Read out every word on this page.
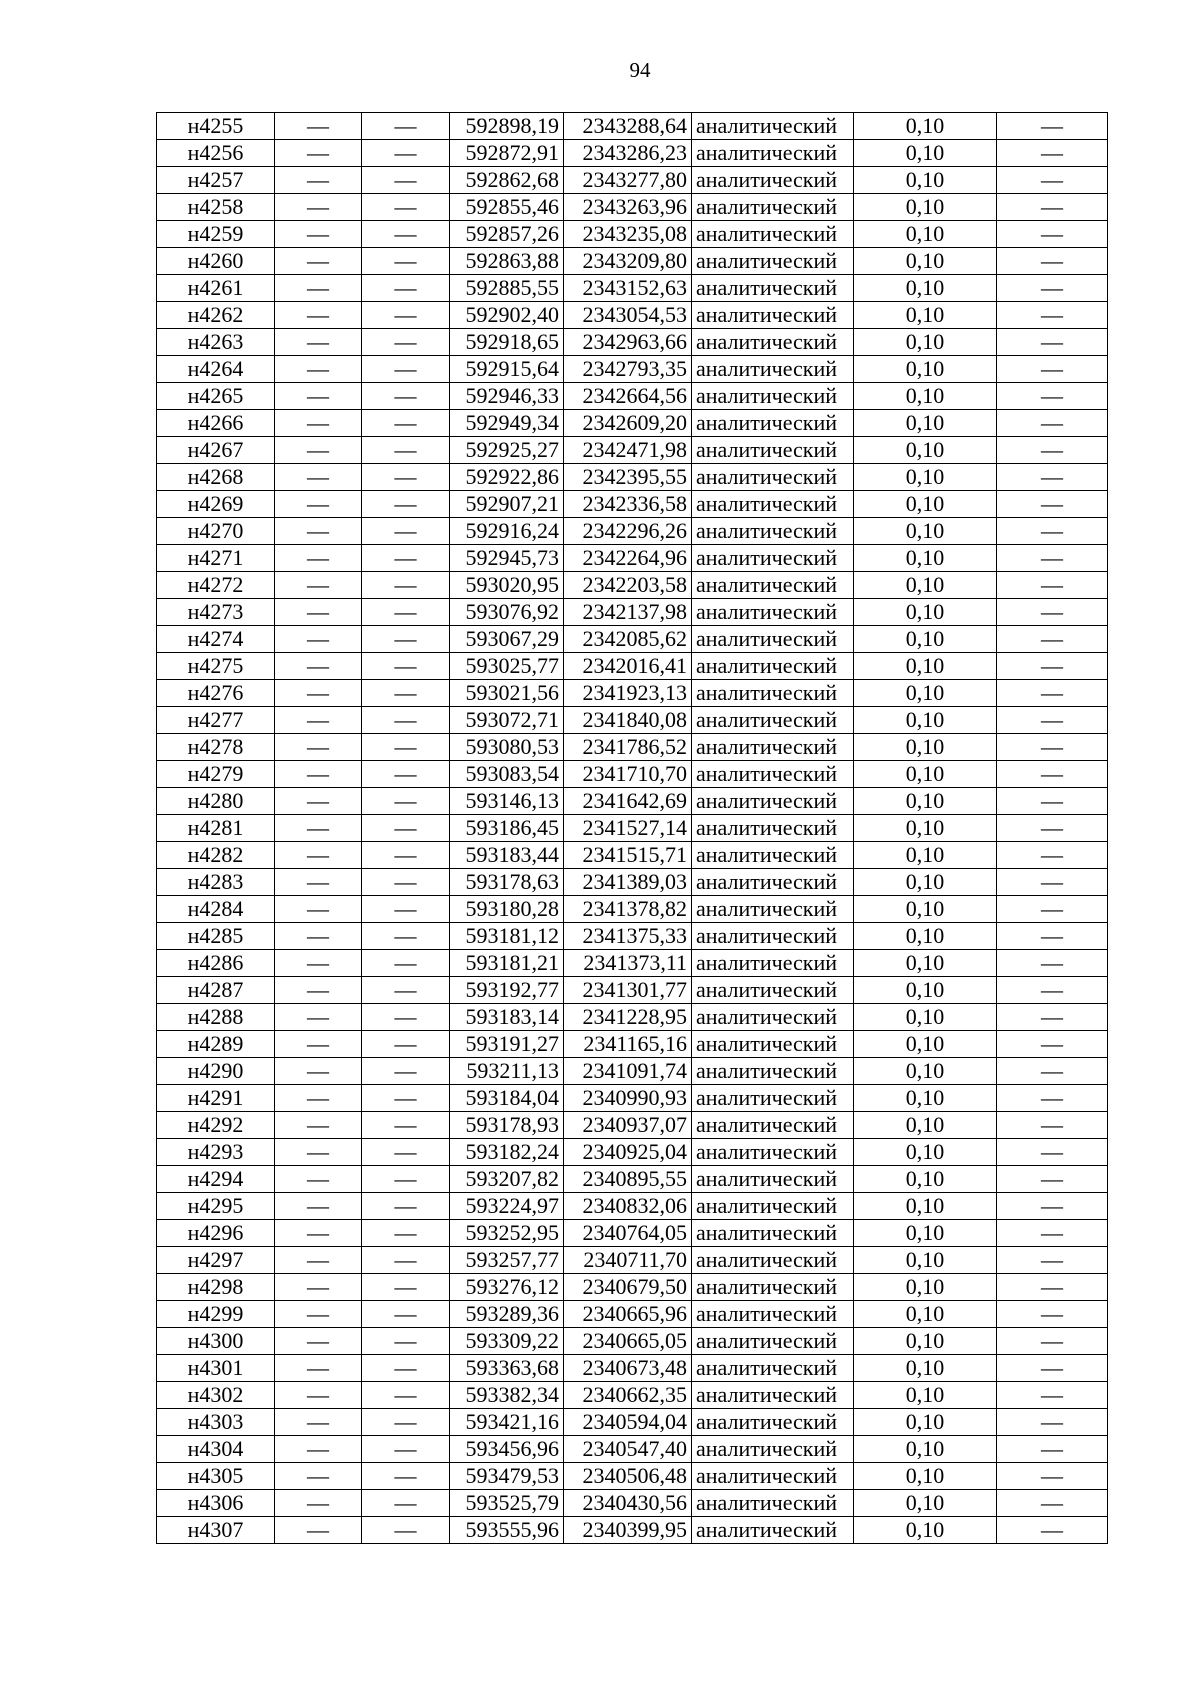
94
н4255	—	—	592898,19	2343288,64	аналитический	0,10	—
н4256	—	—	592872,91	2343286,23	аналитический	0,10	—
н4257	—	—	592862,68	2343277,80	аналитический	0,10	—
н4258	—	—	592855,46	2343263,96	аналитический	0,10	—
н4259	—	—	592857,26	2343235,08	аналитический	0,10	—
н4260	—	—	592863,88	2343209,80	аналитический	0,10	—
н4261	—	—	592885,55	2343152,63	аналитический	0,10	—
н4262	—	—	592902,40	2343054,53	аналитический	0,10	—
н4263	—	—	592918,65	2342963,66	аналитический	0,10	—
н4264	—	—	592915,64	2342793,35	аналитический	0,10	—
н4265	—	—	592946,33	2342664,56	аналитический	0,10	—
н4266	—	—	592949,34	2342609,20	аналитический	0,10	—
н4267	—	—	592925,27	2342471,98	аналитический	0,10	—
н4268	—	—	592922,86	2342395,55	аналитический	0,10	—
н4269	—	—	592907,21	2342336,58	аналитический	0,10	—
н4270	—	—	592916,24	2342296,26	аналитический	0,10	—
н4271	—	—	592945,73	2342264,96	аналитический	0,10	—
н4272	—	—	593020,95	2342203,58	аналитический	0,10	—
н4273	—	—	593076,92	2342137,98	аналитический	0,10	—
н4274	—	—	593067,29	2342085,62	аналитический	0,10	—
н4275	—	—	593025,77	2342016,41	аналитический	0,10	—
н4276	—	—	593021,56	2341923,13	аналитический	0,10	—
н4277	—	—	593072,71	2341840,08	аналитический	0,10	—
н4278	—	—	593080,53	2341786,52	аналитический	0,10	—
н4279	—	—	593083,54	2341710,70	аналитический	0,10	—
н4280	—	—	593146,13	2341642,69	аналитический	0,10	—
н4281	—	—	593186,45	2341527,14	аналитический	0,10	—
н4282	—	—	593183,44	2341515,71	аналитический	0,10	—
н4283	—	—	593178,63	2341389,03	аналитический	0,10	—
н4284	—	—	593180,28	2341378,82	аналитический	0,10	—
н4285	—	—	593181,12	2341375,33	аналитический	0,10	—
н4286	—	—	593181,21	2341373,11	аналитический	0,10	—
н4287	—	—	593192,77	2341301,77	аналитический	0,10	—
н4288	—	—	593183,14	2341228,95	аналитический	0,10	—
н4289	—	—	593191,27	2341165,16	аналитический	0,10	—
н4290	—	—	593211,13	2341091,74	аналитический	0,10	—
н4291	—	—	593184,04	2340990,93	аналитический	0,10	—
н4292	—	—	593178,93	2340937,07	аналитический	0,10	—
н4293	—	—	593182,24	2340925,04	аналитический	0,10	—
н4294	—	—	593207,82	2340895,55	аналитический	0,10	—
н4295	—	—	593224,97	2340832,06	аналитический	0,10	—
н4296	—	—	593252,95	2340764,05	аналитический	0,10	—
н4297	—	—	593257,77	2340711,70	аналитический	0,10	—
н4298	—	—	593276,12	2340679,50	аналитический	0,10	—
н4299	—	—	593289,36	2340665,96	аналитический	0,10	—
н4300	—	—	593309,22	2340665,05	аналитический	0,10	—
н4301	—	—	593363,68	2340673,48	аналитический	0,10	—
н4302	—	—	593382,34	2340662,35	аналитический	0,10	—
н4303	—	—	593421,16	2340594,04	аналитический	0,10	—
н4304	—	—	593456,96	2340547,40	аналитический	0,10	—
н4305	—	—	593479,53	2340506,48	аналитический	0,10	—
н4306	—	—	593525,79	2340430,56	аналитический	0,10	—
н4307	—	—	593555,96	2340399,95	аналитический	0,10	—
